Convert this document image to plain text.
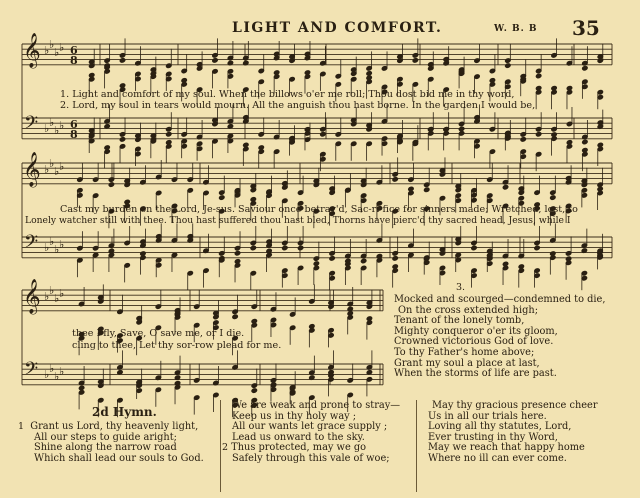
LIGHT AND COMFORT.	W. B. B 35
𝄞
𝄢
♭ ♭
♭ ♭
♭ ♭
♭ ♭
6
8
6
8
𝄞
𝄢
♭ ♭
♭ ♭
♭ ♭
♭ ♭
𝄞
𝄢
♭ ♭
♭ ♭
♭ ♭
♭ ♭
1. Light and comfort of my soul. When the billows o'er me roll; Thou dost bid me in thy word,
2. Lord, my soul in tears would mourn. All the anguish thou hast borne. In the garden I would be,
Cast my burden on the Lord, Je-sus. Saviour once betray'd, Sac-ri-fice for sinners made; Wretched, lost, to
Lonely watcher still with thee. Thou hast suffered thou hast bled, Thorns have pierc'd thy sacred head, Jesus, while I
thee I fly, Save, O save me, or I die.
cling to thee, Let thy sor-row plead for me.
3.
Mocked and scourged—condemned to die,
On the cross extended high;
Tenant of the lonely tomb,
Mighty conqueror o'er its gloom,
Crowned victorious God of love.
To thy Father's home above;
Grant my soul a place at last,
When the storms of life are past.
2d Hymn.
1 Grant us Lord, thy heavenly light,
All our steps to guide aright;
Shine along the narrow road
Which shall lead our souls to God.
We are weak and prone to stray—
Keep us in thy holy way ;
All our wants let grace supply ;
Lead us onward to the sky.
2 Thus protected, may we go
Safely through this vale of woe;
May thy gracious presence cheer
Us in all our trials here.
Loving all thy statutes, Lord,
Ever trusting in thy Word,
May we reach that happy home
Where no ill can ever come.
